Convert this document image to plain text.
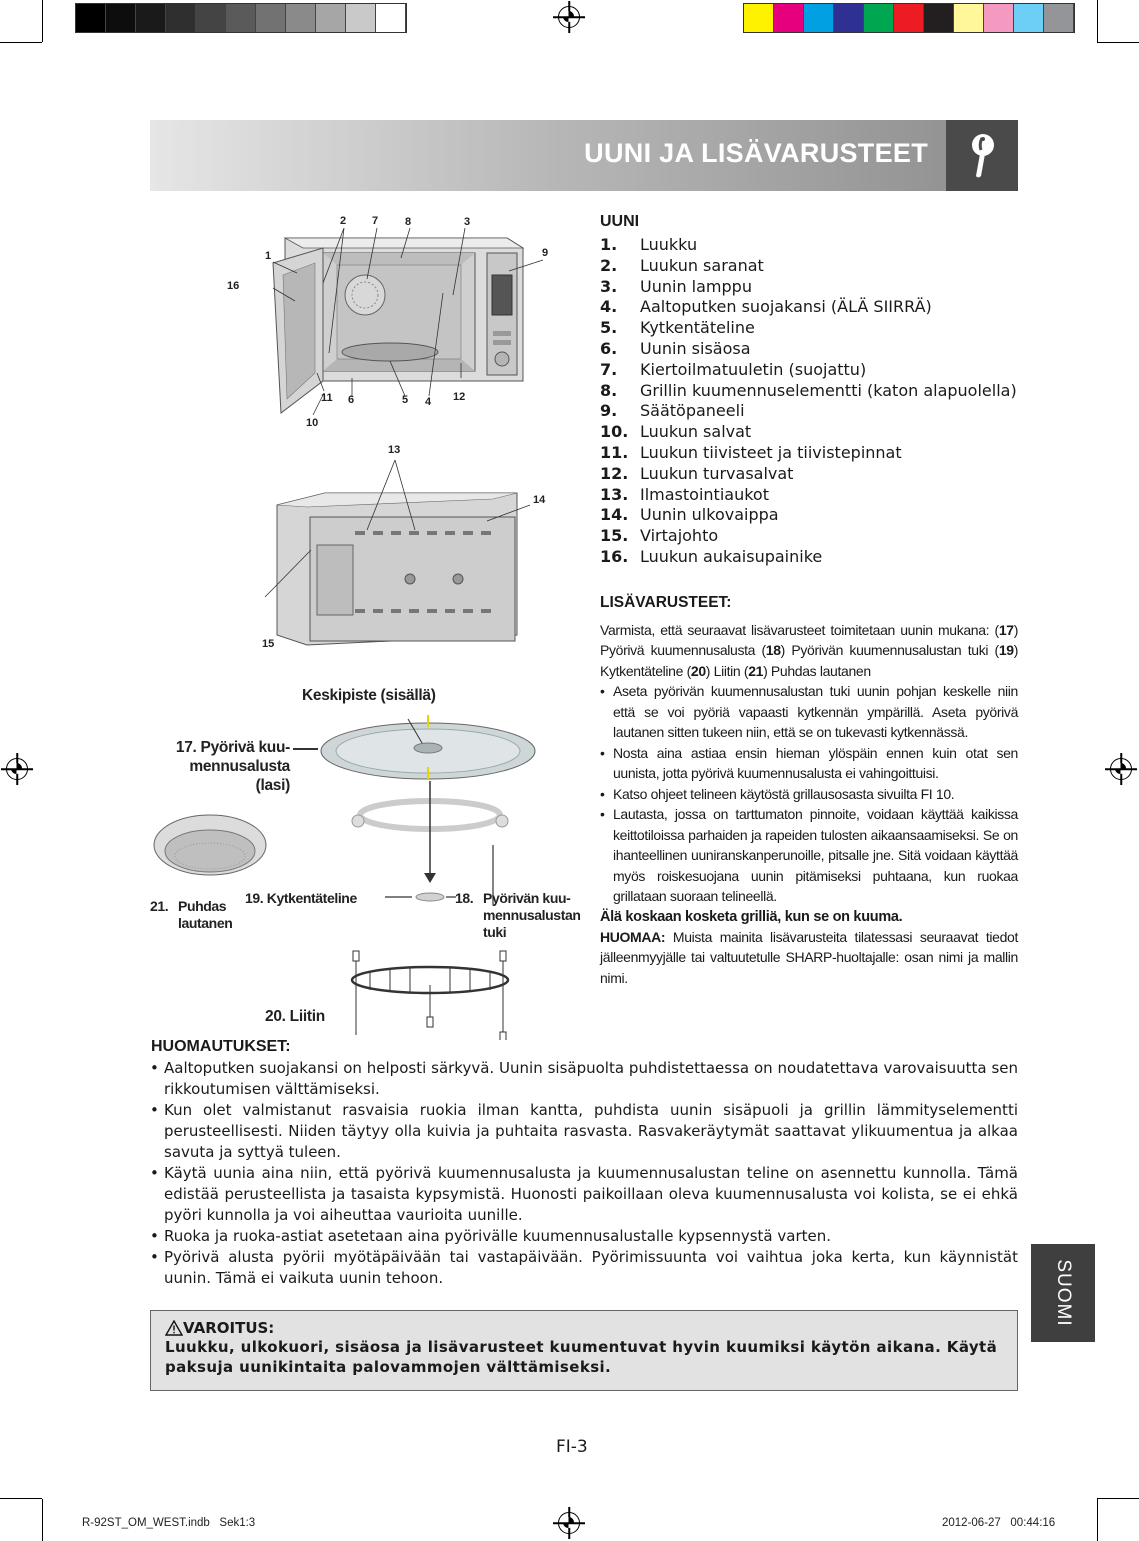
UUNI JA LISÄVARUSTEET
2 7 8	3
1	9
16
11 6	5 4 12
10
13
14
15
Keskipiste (sisällä)
17. Pyörivä kuu-
mennusalusta
(lasi)
21. Puhdas
lautanen
19. Kytkentäteline	18. Pyörivän kuu-
mennusalustan
tuki
20. Liitin
UUNI
1.	Luukku
2.	Luukun saranat
3.	Uunin lamppu
4.	Aaltoputken suojakansi (ÄLÄ SIIRRÄ)
5.	Kytkentäteline
6.	Uunin sisäosa
7.	Kiertoilmatuuletin (suojattu)
8.	Grillin kuumennuselementti (katon alapuolella)
9.	Säätöpaneeli
10. Luukun salvat
11. Luukun tiivisteet ja tiivistepinnat
12. Luukun turvasalvat
13. Ilmastointiaukot
14. Uunin ulkovaippa
15. Virtajohto
16. Luukun aukaisupainike
LISÄVARUSTEET:

Varmista, että seuraavat lisävarusteet toimitetaan uunin mukana: (17) Pyörivä kuumennusalusta (18) Pyörivän kuumennusalustan tuki (19) Kytkentäteline (20) Liitin (21) Puhdas lautanen

• Aseta pyörivän kuumennusalustan tuki uunin pohjan keskelle niin että se voi pyöriä vapaasti kytkennän ympärillä. Aseta pyörivä lautanen sitten tukeen niin, että se on tukevasti kytkennässä.

• Nosta aina astiaa ensin hieman ylöspäin ennen kuin otat sen uunista, jotta pyörivä kuumennusalusta ei vahingoittuisi.

• Katso ohjeet telineen käytöstä grillausosasta sivuilta FI 10.

• Lautasta, jossa on tarttumaton pinnoite, voidaan käyttää kaikissa keittotiloissa parhaiden ja rapeiden tulosten aikaansaamiseksi. Se on ihanteellinen uuniranskanperunoille, pitsalle jne. Sitä voidaan käyttää myös roiskesuojana uunin pitämiseksi puhtaana, kun ruokaa grillataan suoraan telineellä.

Älä koskaan kosketa grilliä, kun se on kuuma.

HUOMAA: Muista mainita lisävarusteita tilatessasi seuraavat tiedot jälleenmyyjälle tai valtuutetulle SHARP-huoltajalle: osan nimi ja mallin nimi.

HUOMAUTUKSET:
• Aaltoputken suojakansi on helposti särkyvä. Uunin sisäpuolta puhdistettaessa on noudatettava varovaisuutta sen rikkoutumisen välttämiseksi.
• Kun olet valmistanut rasvaisia ruokia ilman kantta, puhdista uunin sisäpuoli ja grillin lämmityselementti perusteellisesti. Niiden täytyy olla kuivia ja puhtaita rasvasta. Rasvakeräytymät saattavat ylikuumentua ja alkaa savuta ja syttyä tuleen.
• Käytä uunia aina niin, että pyörivä kuumennusalusta ja kuumennusalustan teline on asennettu kunnolla. Tämä edistää perusteellista ja tasaista kypsymistä. Huonosti paikoillaan oleva kuumennusalusta voi kolista, se ei ehkä pyöri kunnolla ja voi aiheuttaa vaurioita uunille.
• Ruoka ja ruoka-astiat asetetaan aina pyörivälle kuumennusalustalle kypsennystä varten.
• Pyörivä alusta pyörii myötäpäivään tai vastapäivään. Pyörimissuunta voi vaihtua joka kerta, kun käynnistät uunin. Tämä ei vaikuta uunin tehoon.
VAROITUS:
Luukku, ulkokuori, sisäosa ja lisävarusteet kuumentuvat hyvin kuumiksi käytön aikana. Käytä paksuja uunikintaita palovammojen välttämiseksi.
SUOMI
FI-3
R-92ST_OM_WEST.indb   Sek1:3	2012-06-27   00:44:16
